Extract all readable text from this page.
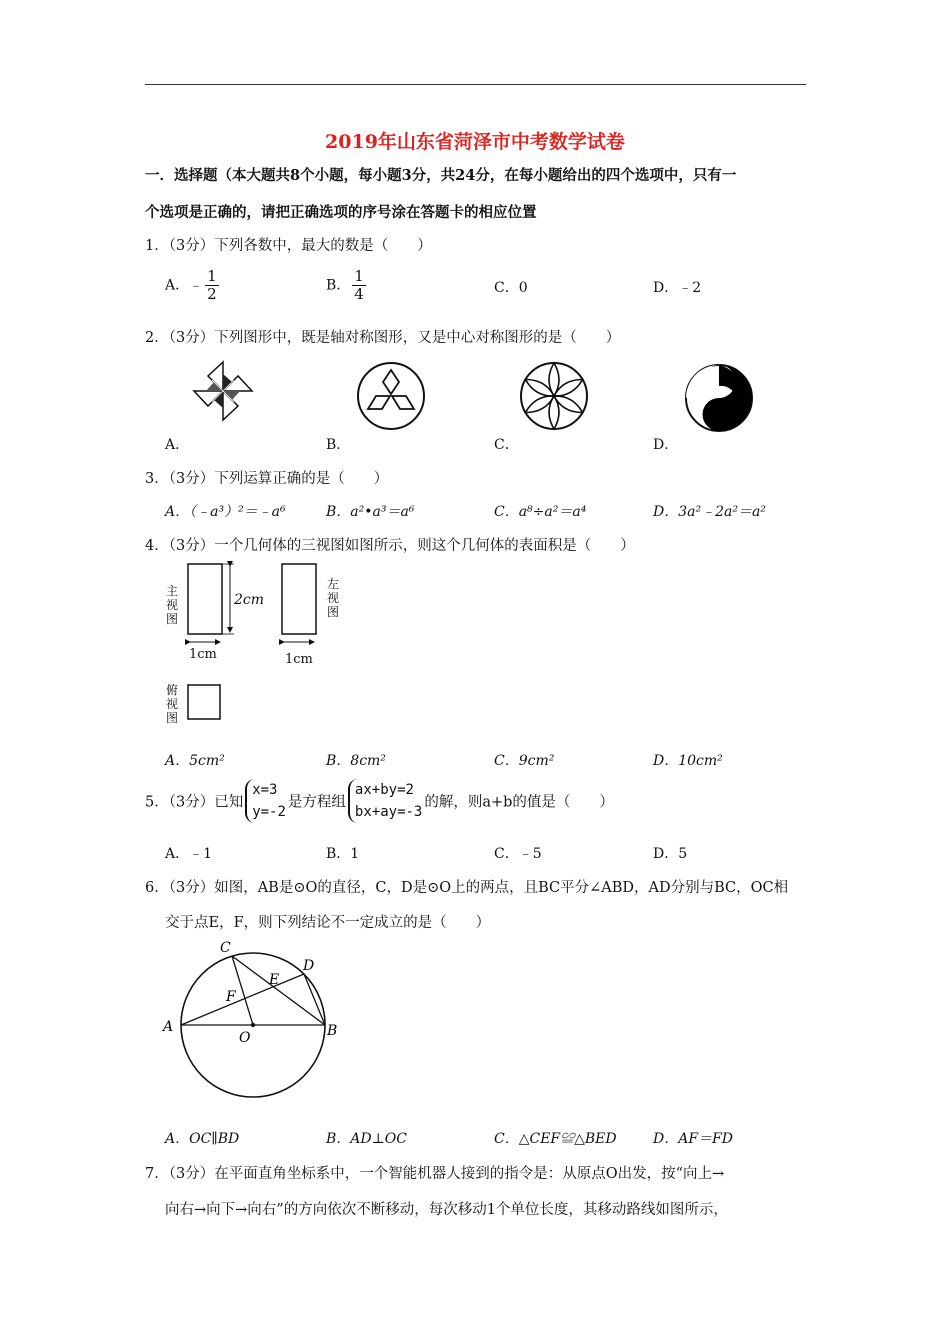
2019年山东省菏泽市中考数学试卷
一．选择题（本大题共8个小题，每小题3分，共24分，在每小题给出的四个选项中，只有一
个选项是正确的，请把正确选项的序号涂在答题卡的相应位置
1．（3分）下列各数中，最大的数是（　　）
A．﹣ $\frac{1}{2}$	B． $\frac{1}{4}$	C．0	D．﹣2
2．（3分）下列图形中，既是轴对称图形，又是中心对称图形的是（　　）
A．	B．	C．	D．
3．（3分）下列运算正确的是（　　）
A．（﹣a³）²＝﹣a⁶	B．a²•a³＝a⁶	C．a⁸÷a²＝a⁴	D．3a²﹣2a²＝a²
4．（3分）一个几何体的三视图如图所示，则这个几何体的表面积是（　　）
主视图
左视图
俯视图
2cm
1cm	1cm
A．5cm²	B．8cm²	C．9cm²	D．10cm²
5．（3分）已知
x=3
y=-2
是方程组
ax+by=2
bx+ay=-3
的解，则a+b的值是（　　）
A．﹣1	B．1	C．﹣5	D．5
6．（3分）如图，AB是⊙O的直径，C，D是⊙O上的两点，且BC平分∠ABD，AD分别与BC，OC相
交于点E，F，则下列结论不一定成立的是（　　）
A	B
C
D
E
F
O
A．OC∥BD	B．AD⊥OC	C．△CEF≌△BED	D．AF＝FD
7．（3分）在平面直角坐标系中，一个智能机器人接到的指令是：从原点O出发，按“向上→
向右→向下→向右”的方向依次不断移动，每次移动1个单位长度，其移动路线如图所示，
